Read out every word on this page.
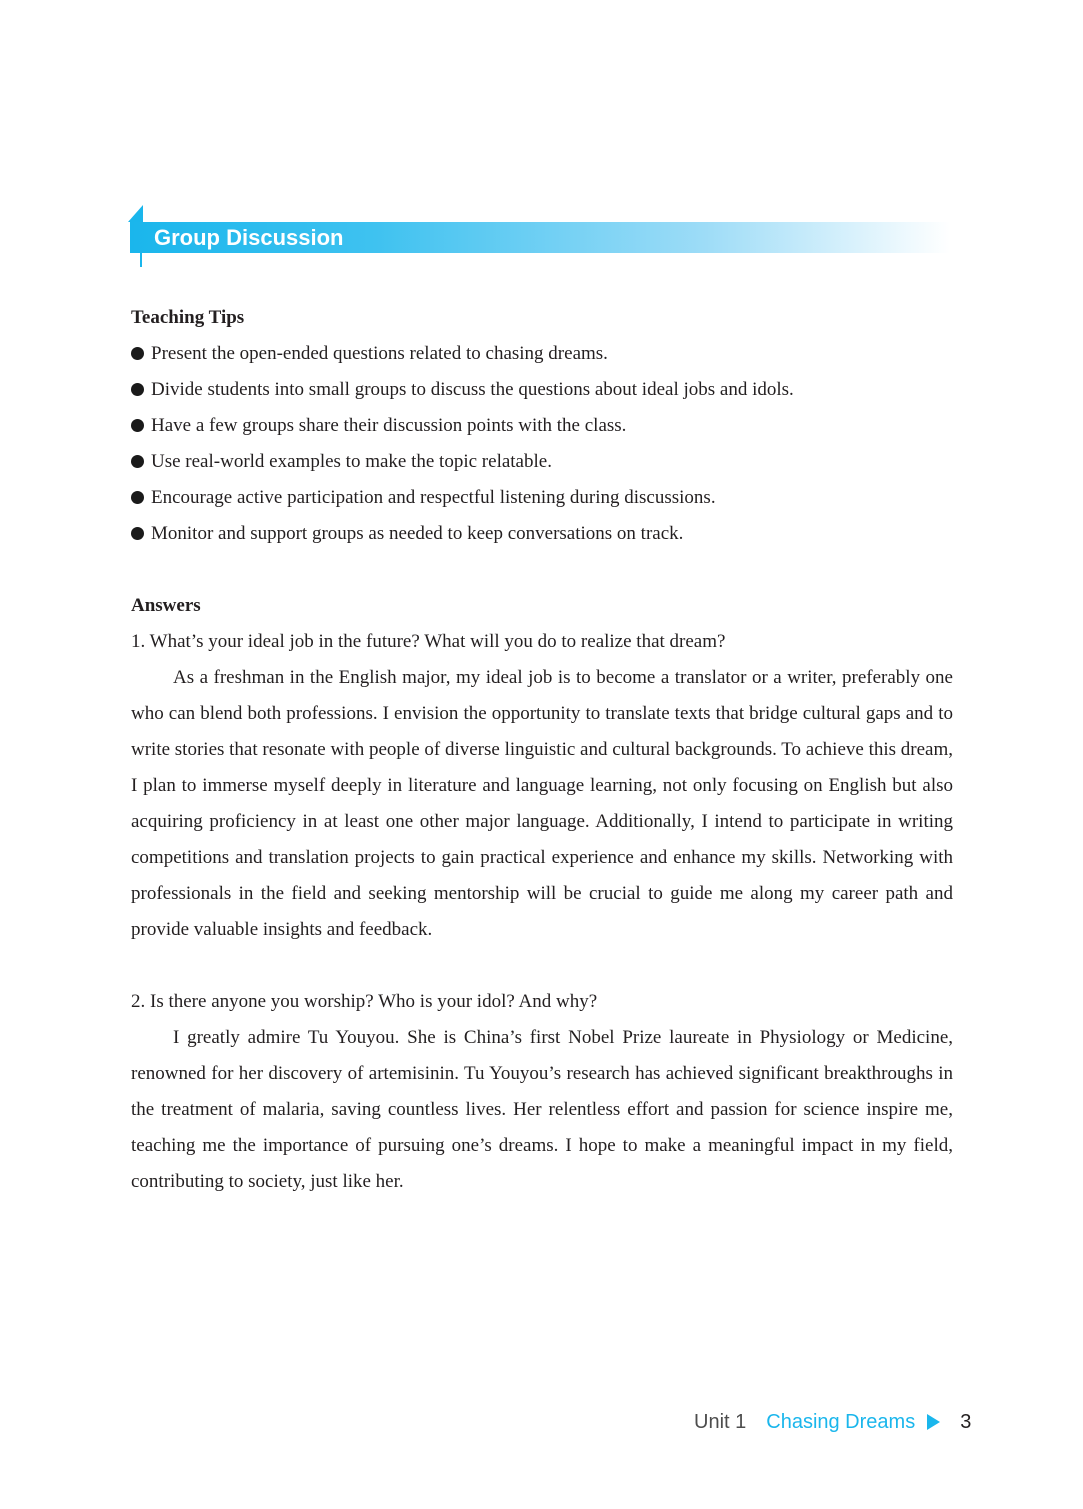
Group Discussion

Teaching Tips

Present the open-ended questions related to chasing dreams.
Divide students into small groups to discuss the questions about ideal jobs and idols.
Have a few groups share their discussion points with the class.
Use real-world examples to make the topic relatable.
Encourage active participation and respectful listening during discussions.
Monitor and support groups as needed to keep conversations on track.

Answers

1. What’s your ideal job in the future? What will you do to realize that dream?

As a freshman in the English major, my ideal job is to become a translator or a writer, preferably one who can blend both professions. I envision the opportunity to translate texts that bridge cultural gaps and to write stories that resonate with people of diverse linguistic and cultural backgrounds. To achieve this dream, I plan to immerse myself deeply in literature and language learning, not only focusing on English but also acquiring proficiency in at least one other major language. Additionally, I intend to participate in writing competitions and translation projects to gain practical experience and enhance my skills. Networking with professionals in the field and seeking mentorship will be crucial to guide me along my career path and provide valuable insights and feedback.

2. Is there anyone you worship? Who is your idol? And why?

I greatly admire Tu Youyou. She is China’s first Nobel Prize laureate in Physiology or Medicine, renowned for her discovery of artemisinin. Tu Youyou’s research has achieved significant breakthroughs in the treatment of malaria, saving countless lives. Her relentless effort and passion for science inspire me, teaching me the importance of pursuing one’s dreams. I hope to make a meaningful impact in my field, contributing to society, just like her.

Unit 1 Chasing Dreams 3
